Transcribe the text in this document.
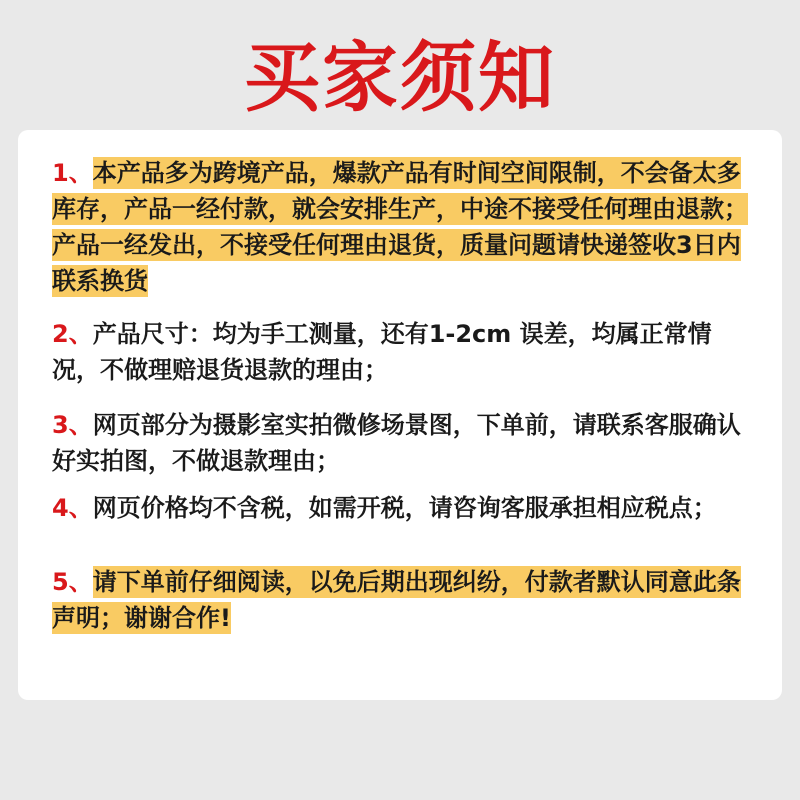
买家须知

1、本产品多为跨境产品，爆款产品有时间空间限制，不会备太多库存，产品一经付款，就会安排生产，中途不接受任何理由退款；产品一经发出，不接受任何理由退货，质量问题请快递签收3日内联系换货

2、产品尺寸：均为手工测量，还有1-2cm 误差，均属正常情况，不做理赔退货退款的理由；

3、网页部分为摄影室实拍微修场景图，下单前，请联系客服确认好实拍图，不做退款理由；

4、网页价格均不含税，如需开税，请咨询客服承担相应税点；

5、请下单前仔细阅读，以免后期出现纠纷，付款者默认同意此条声明；谢谢合作!
